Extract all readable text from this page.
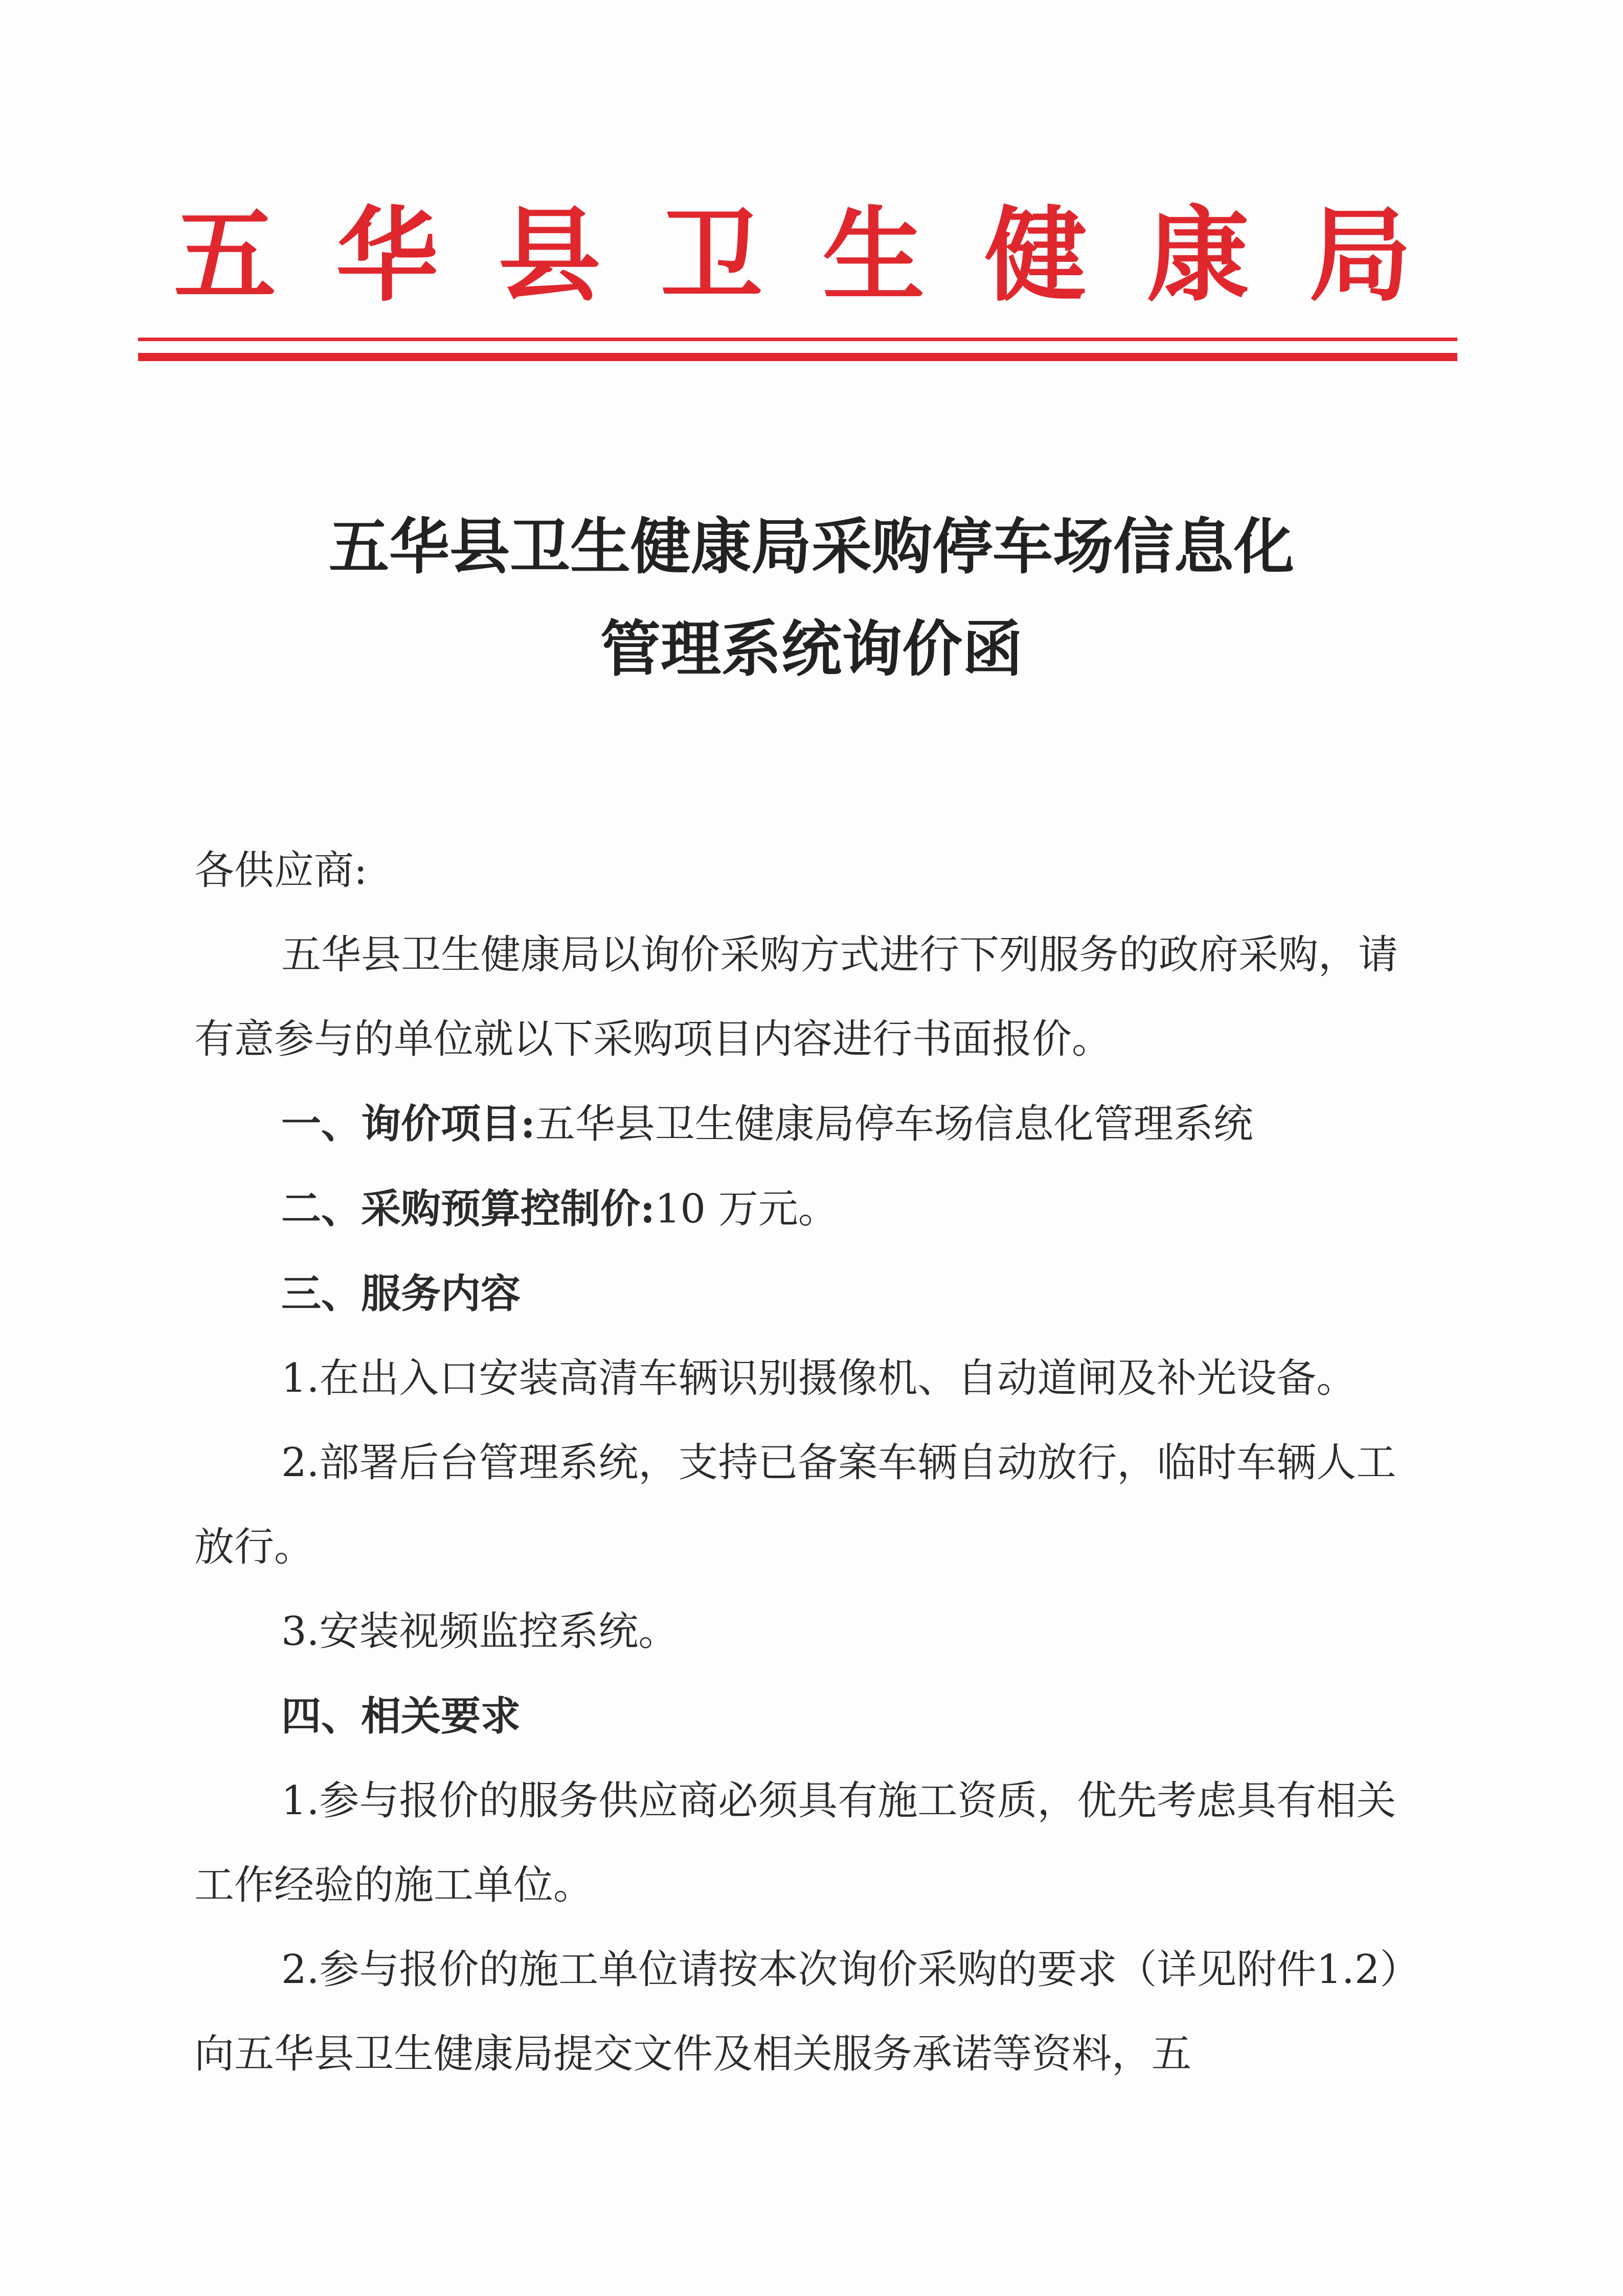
五 华 县 卫 生 健 康 局
五华县卫生健康局采购停车场信息化
管理系统询价函

各供应商:

五华县卫生健康局以询价采购方式进行下列服务的政府采购，请有意参与的单位就以下采购项目内容进行书面报价。

一、询价项目:五华县卫生健康局停车场信息化管理系统

二、采购预算控制价:10 万元。

三、服务内容

1.在出入口安装高清车辆识别摄像机、自动道闸及补光设备。

2.部署后台管理系统，支持已备案车辆自动放行，临时车辆人工放行。

3.安装视频监控系统。

四、相关要求

1.参与报价的服务供应商必须具有施工资质，优先考虑具有相关工作经验的施工单位。

2.参与报价的施工单位请按本次询价采购的要求（详见附件1.2）向五华县卫生健康局提交文件及相关服务承诺等资料，五
